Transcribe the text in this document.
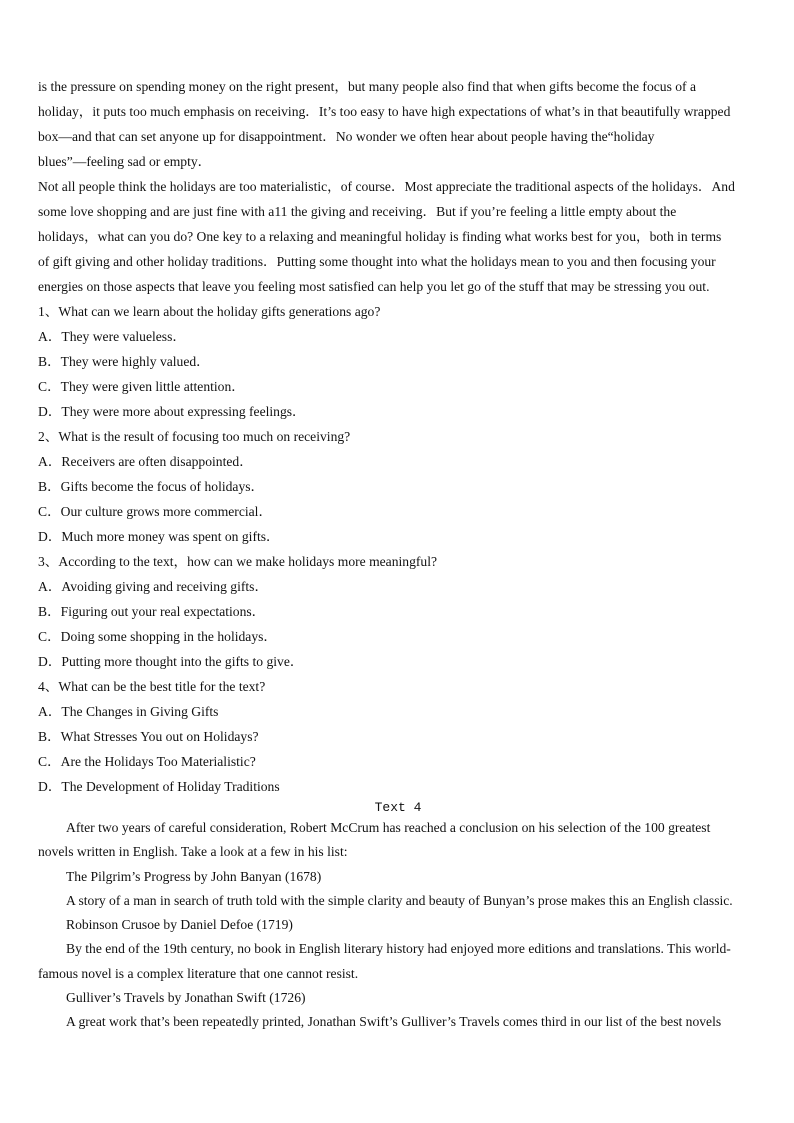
is the pressure on spending money on the right present，but many people also find that when gifts become the focus of a
holiday，it puts too much emphasis on receiving．It’s too easy to have high expectations of what’s in that beautifully wrapped
box—and that can set anyone up for disappointment．No wonder we often hear about people having the“holiday
blues”—feeling sad or empty．
Not all people think the holidays are too materialistic，of course．Most appreciate the traditional aspects of the holidays．And
some love shopping and are just fine with a11 the giving and receiving．But if you’re feeling a little empty about the
holidays，what can you do? One key to a relaxing and meaningful holiday is finding what works best for you，both in terms
of gift giving and other holiday traditions．Putting some thought into what the holidays mean to you and then focusing your
energies on those aspects that leave you feeling most satisfied can help you let go of the stuff that may be stressing you out.
1、What can we learn about the holiday gifts generations ago?
A．They were valueless．
B．They were highly valued．
C．They were given little attention．
D．They were more about expressing feelings．
2、What is the result of focusing too much on receiving?
A．Receivers are often disappointed．
B．Gifts become the focus of holidays．
C．Our culture grows more commercial．
D．Much more money was spent on gifts．
3、According to the text，how can we make holidays more meaningful?
A．Avoiding giving and receiving gifts．
B．Figuring out your real expectations．
C．Doing some shopping in the holidays．
D．Putting more thought into the gifts to give．
4、What can be the best title for the text?
A．The Changes in Giving Gifts
B．What Stresses You out on Holidays?
C．Are the Holidays Too Materialistic?
D．The Development of Holiday Traditions
Text 4
After two years of careful consideration, Robert McCrum has reached a conclusion on his selection of the 100 greatest
novels written in English. Take a look at a few in his list:
The Pilgrim’s Progress by John Banyan (1678)
A story of a man in search of truth told with the simple clarity and beauty of Bunyan’s prose makes this an English classic.
Robinson Crusoe by Daniel Defoe (1719)
By the end of the 19th century, no book in English literary history had enjoyed more editions and translations. This world-
famous novel is a complex literature that one cannot resist.
Gulliver’s Travels by Jonathan Swift (1726)
A great work that’s been repeatedly printed, Jonathan Swift’s Gulliver’s Travels comes third in our list of the best novels
